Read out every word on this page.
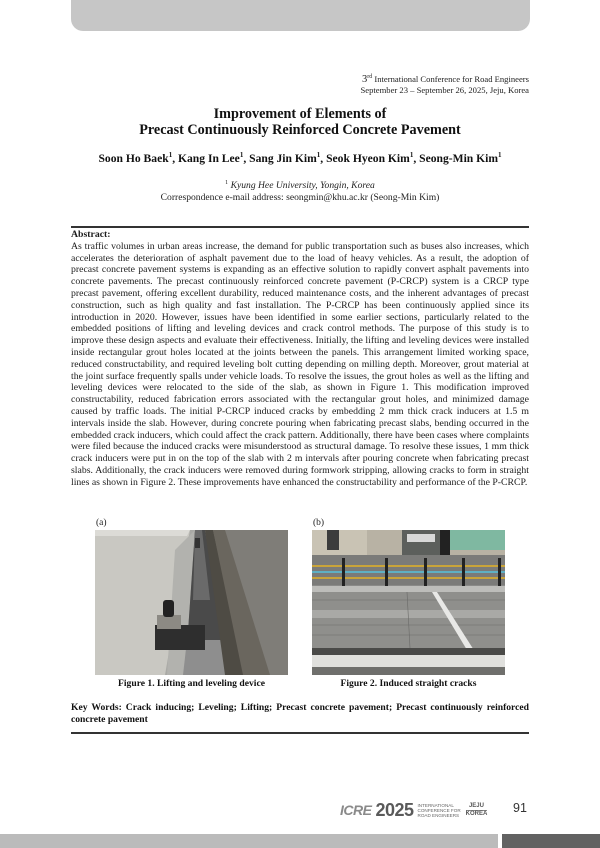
3rd International Conference for Road Engineers
September 23 – September 26, 2025, Jeju, Korea
Improvement of Elements of
Precast Continuously Reinforced Concrete Pavement
Soon Ho Baek$^1$, Kang In Lee$^1$, Sang Jin Kim$^1$, Seok Hyeon Kim$^1$, Seong-Min Kim$^1$
$^1$ Kyung Hee University, Yongin, Korea
Correspondence e-mail address: seongmin@khu.ac.kr (Seong-Min Kim)
Abstract:
As traffic volumes in urban areas increase, the demand for public transportation such as buses also increases, which accelerates the deterioration of asphalt pavement due to the load of heavy vehicles. As a result, the adoption of precast concrete pavement systems is expanding as an effective solution to rapidly convert asphalt pavements into concrete pavements. The precast continuously reinforced concrete pavement (P-CRCP) system is a CRCP type precast pavement, offering excellent durability, reduced maintenance costs, and the inherent advantages of precast construction, such as high quality and fast installation. The P-CRCP has been continuously applied since its introduction in 2020. However, issues have been identified in some earlier sections, particularly related to the embedded positions of lifting and leveling devices and crack control methods. The purpose of this study is to improve these design aspects and evaluate their effectiveness. Initially, the lifting and leveling devices were installed inside rectangular grout holes located at the joints between the panels. This arrangement limited working space, reduced constructability, and required leveling bolt cutting depending on milling depth. Moreover, grout material at the joint surface frequently spalls under vehicle loads. To resolve the issues, the grout holes as well as the lifting and leveling devices were relocated to the side of the slab, as shown in Figure 1. This modification improved constructability, reduced fabrication errors associated with the rectangular grout holes, and minimized damage caused by traffic loads. The initial P-CRCP induced cracks by embedding 2 mm thick crack inducers at 1.5 m intervals inside the slab. However, during concrete pouring when fabricating precast slabs, bending occurred in the embedded crack inducers, which could affect the crack pattern. Additionally, there have been cases where complaints were filed because the induced cracks were misunderstood as structural damage. To resolve these issues, 1 mm thick crack inducers were put in on the top of the slab with 2 m intervals after pouring concrete when fabricating precast slabs. Additionally, the crack inducers were removed during formwork stripping, allowing cracks to form in straight lines as shown in Figure 2. These improvements have enhanced the constructability and performance of the P-CRCP.
(a)
Figure 1. Lifting and leveling device
(b)
Figure 2. Induced straight cracks
Key Words: Crack inducing; Leveling; Lifting; Precast concrete pavement; Precast continuously reinforced concrete pavement
ICRE 2025 INTERNATIONAL
CONFERENCE FOR
ROAD ENGINEERS
JEJU
KOREA 91
